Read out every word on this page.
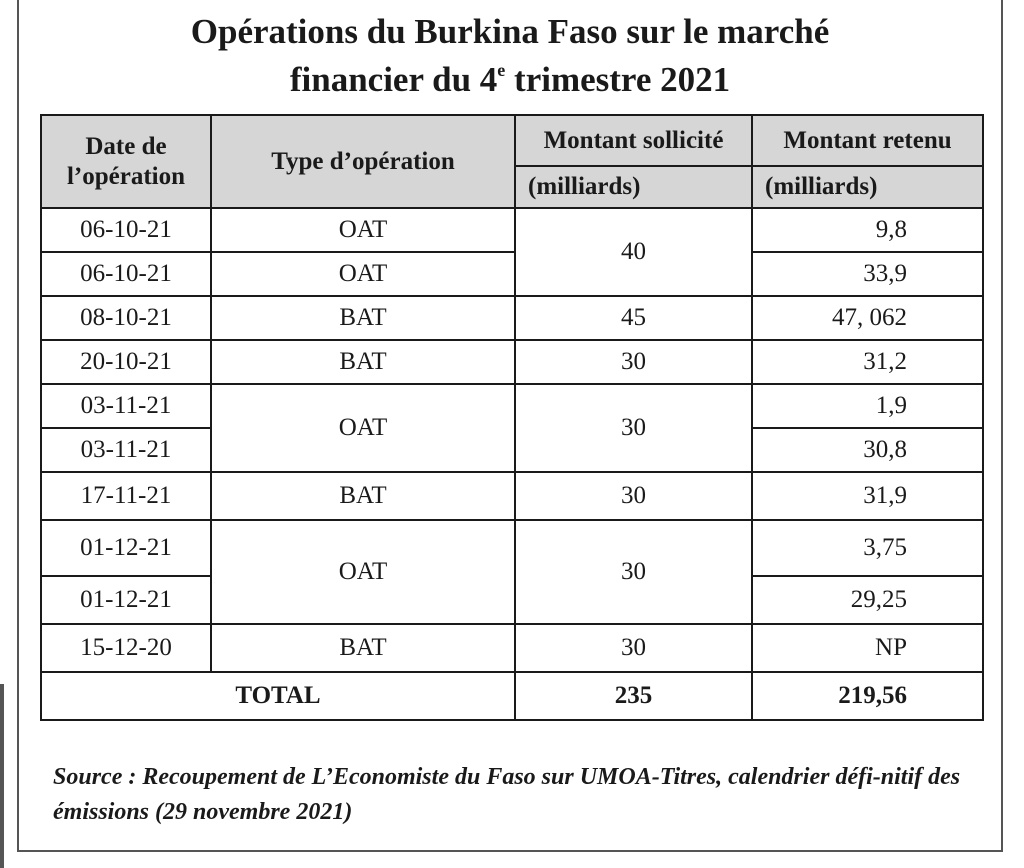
Opérations du Burkina Faso sur le marché
financier du 4e trimestre 2021
Date de
l’opération	Type d’opération	Montant sollicité	Montant retenu
		(milliards)	(milliards)
06-10-21	OAT	40	9,8
06-10-21	OAT		33,9
08-10-21	BAT	45	47, 062
20-10-21	BAT	30	31,2
03-11-21	OAT	30	1,9
03-11-21			30,8
17-11-21	BAT	30	31,9
01-12-21	OAT	30	3,75
01-12-21			29,25
15-12-20	BAT	30	NP
TOTAL		235	219,56
Source : Recoupement de L’Economiste du Faso sur UMOA-Titres, calendrier défi-nitif des émissions (29 novembre 2021)
